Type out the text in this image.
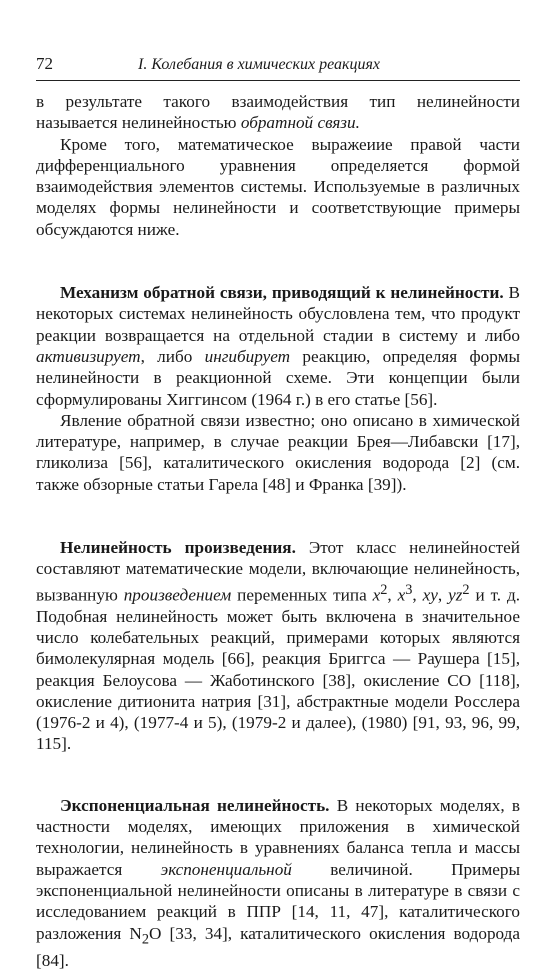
72	I. Колебания в химических реакциях

в результате такого взаимодействия тип нелинейности называется нелинейностью обратной связи.

Кроме того, математическое выражеиие правой части дифференциального уравнения определяется формой взаимодействия элементов системы. Используемые в различных моделях формы нелинейности и соответствующие примеры обсуждаются ниже.

Механизм обратной связи, приводящий к нелинейности. В некоторых системах нелинейность обусловлена тем, что продукт реакции возвращается на отдельной стадии в систему и либо активизирует, либо ингибирует реакцию, определяя формы нелинейности в реакционной схеме. Эти концепции были сформулированы Хиггинсом (1964 г.) в его статье [56].

Явление обратной связи известно; оно описано в химической литературе, например, в случае реакции Брея—Либавски [17], гликолиза [56], каталитического окисления водорода [2] (см. также обзорные статьи Гарела [48] и Франка [39]).

Нелинейность произведения. Этот класс нелинейностей составляют математические модели, включающие нелинейность, вызванную произведением переменных типа $x^2$, $x^3$, xy, $yz^2$ и т. д. Подобная нелинейность может быть включена в значительное число колебательных реакций, примерами которых являются бимолекулярная модель [66], реакция Бриггса — Раушера [15], реакция Белоусова — Жаботинского [38], окисление CO [118], окисление дитионита натрия [31], абстрактные модели Росслера (1976-2 и 4), (1977-4 и 5), (1979-2 и далее), (1980) [91, 93, 96, 99, 115].

Экспоненциальная нелинейность. В некоторых моделях, в частности моделях, имеющих приложения в химической технологии, нелинейность в уравнениях баланса тепла и массы выражается экспоненциальной величиной. Примеры экспоненциальной нелинейности описаны в литературе в связи с исследованием реакций в ППР [14, 11, 47], каталитического разложения $N_2O$ [33, 34], каталитического окисления водорода [84].
